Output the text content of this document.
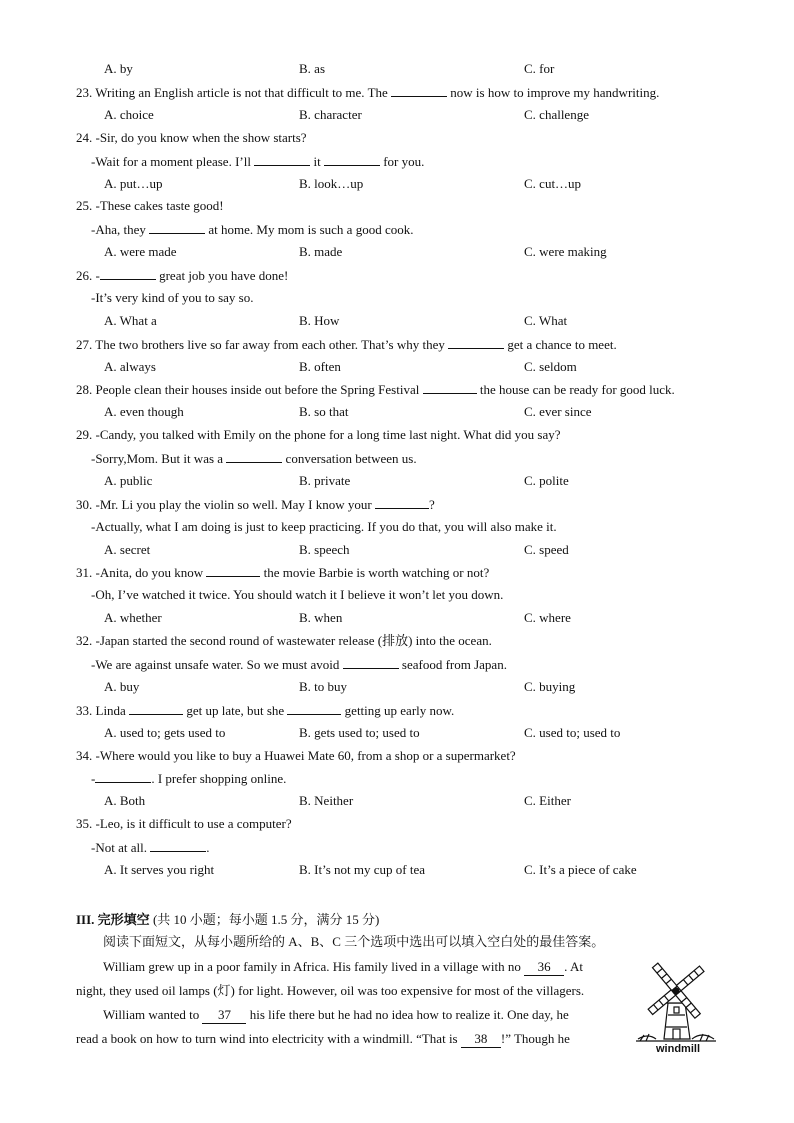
A. by	B. as	C. for
23. Writing an English article is not that difficult to me. The	now is how to improve my handwriting.
A. choice	B. character	C. challenge
24. -Sir, do you know when the show starts?
-Wait for a moment please. I’ll	it	for you.
A. put…up	B. look…up	C. cut…up
25. -These cakes taste good!
-Aha, they	at home. My mom is such a good cook.
A. were made	B. made	C. were making
26. -	great job you have done!
-It’s very kind of you to say so.
A. What a	B. How	C. What
27. The two brothers live so far away from each other. That’s why they	get a chance to meet.
A. always	B. often	C. seldom
28. People clean their houses inside out before the Spring Festival	the house can be ready for good luck.
A. even though	B. so that	C. ever since
29. -Candy, you talked with Emily on the phone for a long time last night. What did you say?
-Sorry,Mom. But it was a	conversation between us.
A. public	B. private	C. polite
30. -Mr. Li you play the violin so well. May I know your	?
-Actually, what I am doing is just to keep practicing. If you do that, you will also make it.
A. secret	B. speech	C. speed
31. -Anita, do you know	the movie Barbie is worth watching or not?
-Oh, I’ve watched it twice. You should watch it I believe it won’t let you down.
A. whether	B. when	C. where
32. -Japan started the second round of wastewater release (排放) into the ocean.
-We are against unsafe water. So we must avoid	seafood from Japan.
A. buy	B. to buy	C. buying
33. Linda	get up late, but she	getting up early now.
A. used to; gets used to	B. gets used to; used to	C. used to; used to
34. -Where would you like to buy a Huawei Mate 60, from a shop or a supermarket?
-	. I prefer shopping online.
A. Both	B. Neither	C. Either
35. -Leo, is it difficult to use a computer?
-Not at all.	.
A. It serves you right	B. It’s not my cup of tea	C. It’s a piece of cake
III. 完形填空 (共 10 小题；每小题 1.5 分，满分 15 分)
阅读下面短文，从每小题所给的 A、B、C 三个选项中选出可以填入空白处的最佳答案。
William grew up in a poor family in Africa. His family lived in a village with no 36 . At
night, they used oil lamps (灯) for light. However, oil was too expensive for most of the villagers.
William wanted to 37 his life there but he had no idea how to realize it. One day, he
read a book on how to turn wind into electricity with a windmill. “That is 38 !” Though he
windmill
